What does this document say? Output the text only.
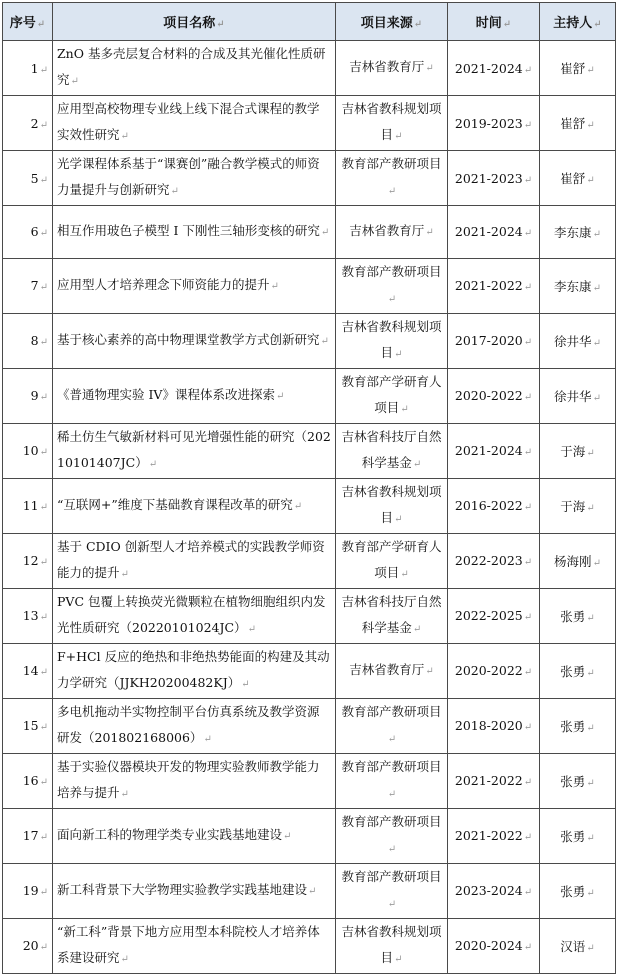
序号↵	项目名称↵	项目来源↵	时间↵	主持人↵
1↵	ZnO 基多壳层复合材料的合成及其光催化性质研究↵	吉林省教育厅↵	2021-2024↵	崔舒↵
2↵	应用型高校物理专业线上线下混合式课程的教学实效性研究↵	吉林省教科规划项目↵	2019-2023↵	崔舒↵
5↵	光学课程体系基于“课赛创”融合教学模式的师资力量提升与创新研究↵	教育部产教研项目↵	2021-2023↵	崔舒↵
6↵	相互作用玻色子模型 I 下刚性三轴形变核的研究↵	吉林省教育厅↵	2021-2024↵	李东康↵
7↵	应用型人才培养理念下师资能力的提升↵	教育部产教研项目↵	2021-2022↵	李东康↵
8↵	基于核心素养的高中物理课堂教学方式创新研究↵	吉林省教科规划项目↵	2017-2020↵	徐井华↵
9↵	《普通物理实验 IV》课程体系改进探索↵	教育部产学研育人项目↵	2020-2022↵	徐井华↵
10↵	稀土仿生气敏新材料可见光增强性能的研究（20210101407JC）↵	吉林省科技厅自然科学基金↵	2021-2024↵	于海↵
11↵	“互联网+”维度下基础教育课程改革的研究↵	吉林省教科规划项目↵	2016-2022↵	于海↵
12↵	基于 CDIO 创新型人才培养模式的实践教学师资能力的提升↵	教育部产学研育人项目↵	2022-2023↵	杨海刚↵
13↵	PVC 包覆上转换荧光微颗粒在植物细胞组织内发光性质研究（20220101024JC）↵	吉林省科技厅自然科学基金↵	2022-2025↵	张勇↵
14↵	F+HCl 反应的绝热和非绝热势能面的构建及其动力学研究（JJKH20200482KJ）↵	吉林省教育厅↵	2020-2022↵	张勇↵
15↵	多电机拖动半实物控制平台仿真系统及教学资源研发（201802168006）↵	教育部产教研项目↵	2018-2020↵	张勇↵
16↵	基于实验仪器模块开发的物理实验教师教学能力培养与提升↵	教育部产教研项目↵	2021-2022↵	张勇↵
17↵	面向新工科的物理学类专业实践基地建设↵	教育部产教研项目↵	2021-2022↵	张勇↵
19↵	新工科背景下大学物理实验教学实践基地建设↵	教育部产教研项目↵	2023-2024↵	张勇↵
20↵	“新工科”背景下地方应用型本科院校人才培养体系建设研究↵	吉林省教科规划项目↵	2020-2024↵	汉语↵
